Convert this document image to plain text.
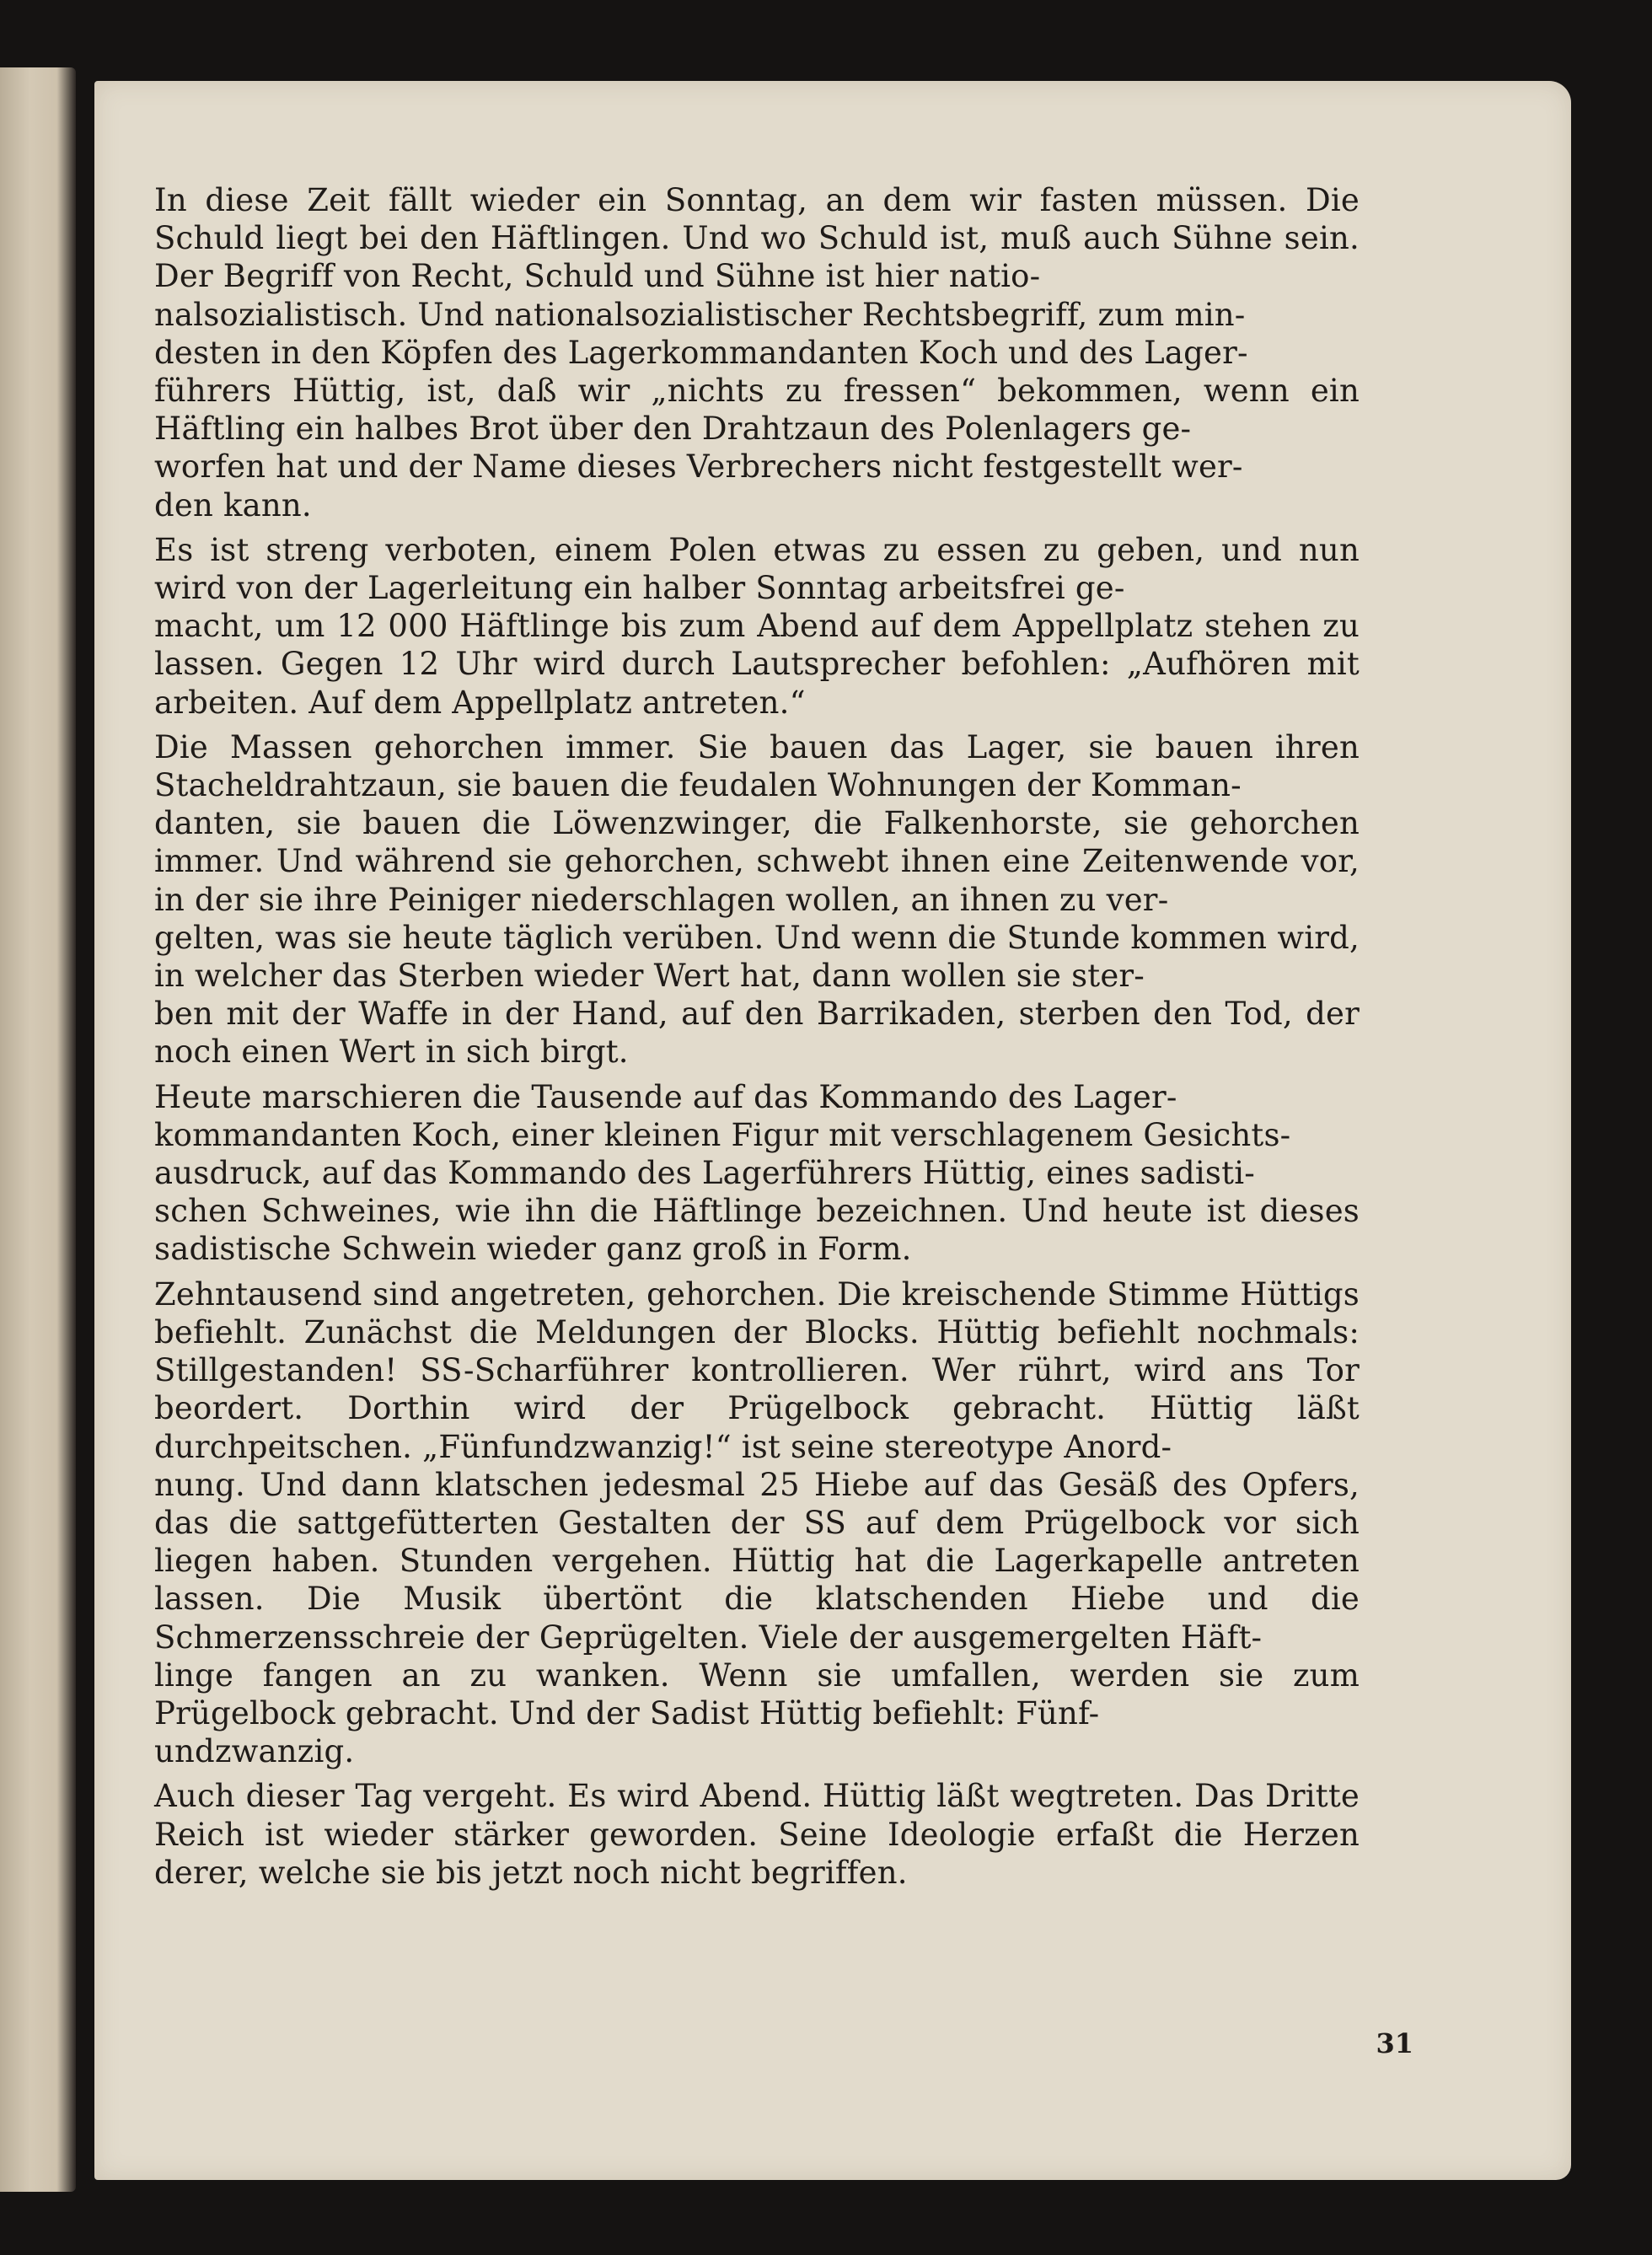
In diese Zeit fällt wieder ein Sonntag, an dem wir fasten müssen. Die Schuld liegt bei den Häftlingen. Und wo Schuld ist, muß auch Sühne sein. Der Begriff von Recht, Schuld und Sühne ist hier natio-
nalsozialistisch. Und nationalsozialistischer Rechtsbegriff, zum min-
desten in den Köpfen des Lagerkommandanten Koch und des Lager-
führers Hüttig, ist, daß wir „nichts zu fressen“ bekommen, wenn ein Häftling ein halbes Brot über den Drahtzaun des Polenlagers ge-
worfen hat und der Name dieses Verbrechers nicht festgestellt wer-
den kann.

Es ist streng verboten, einem Polen etwas zu essen zu geben, und nun wird von der Lagerleitung ein halber Sonntag arbeitsfrei ge-
macht, um 12 000 Häftlinge bis zum Abend auf dem Appellplatz stehen zu lassen. Gegen 12 Uhr wird durch Lautsprecher befohlen: „Aufhören mit arbeiten. Auf dem Appellplatz antreten.“

Die Massen gehorchen immer. Sie bauen das Lager, sie bauen ihren Stacheldrahtzaun, sie bauen die feudalen Wohnungen der Komman-
danten, sie bauen die Löwenzwinger, die Falkenhorste, sie gehorchen immer. Und während sie gehorchen, schwebt ihnen eine Zeitenwende vor, in der sie ihre Peiniger niederschlagen wollen, an ihnen zu ver-
gelten, was sie heute täglich verüben. Und wenn die Stunde kommen wird, in welcher das Sterben wieder Wert hat, dann wollen sie ster-
ben mit der Waffe in der Hand, auf den Barrikaden, sterben den Tod, der noch einen Wert in sich birgt.

Heute marschieren die Tausende auf das Kommando des Lager-
kommandanten Koch, einer kleinen Figur mit verschlagenem Gesichts-
ausdruck, auf das Kommando des Lagerführers Hüttig, eines sadisti-
schen Schweines, wie ihn die Häftlinge bezeichnen. Und heute ist dieses sadistische Schwein wieder ganz groß in Form.

Zehntausend sind angetreten, gehorchen. Die kreischende Stimme Hüttigs befiehlt. Zunächst die Meldungen der Blocks. Hüttig befiehlt nochmals: Stillgestanden! SS-Scharführer kontrollieren. Wer rührt, wird ans Tor beordert. Dorthin wird der Prügelbock gebracht. Hüttig läßt durchpeitschen. „Fünfundzwanzig!“ ist seine stereotype Anord-
nung. Und dann klatschen jedesmal 25 Hiebe auf das Gesäß des Opfers, das die sattgefütterten Gestalten der SS auf dem Prügelbock vor sich liegen haben. Stunden vergehen. Hüttig hat die Lagerkapelle antreten lassen. Die Musik übertönt die klatschenden Hiebe und die Schmerzensschreie der Geprügelten. Viele der ausgemergelten Häft-
linge fangen an zu wanken. Wenn sie umfallen, werden sie zum Prügelbock gebracht. Und der Sadist Hüttig befiehlt: Fünf-
undzwanzig.

Auch dieser Tag vergeht. Es wird Abend. Hüttig läßt wegtreten. Das Dritte Reich ist wieder stärker geworden. Seine Ideologie erfaßt die Herzen derer, welche sie bis jetzt noch nicht begriffen.

31
